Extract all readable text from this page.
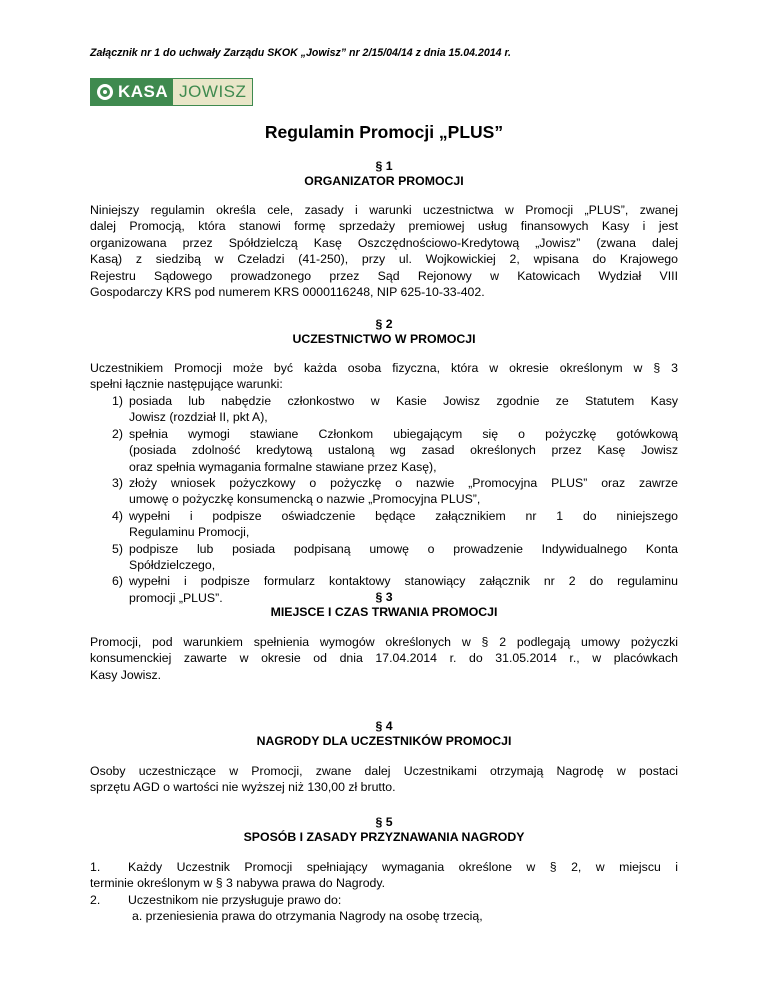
Załącznik nr 1 do uchwały Zarządu SKOK „Jowisz” nr 2/15/04/14 z dnia 15.04.2014 r.
KASA JOWISZ
Regulamin Promocji „PLUS”
§ 1
ORGANIZATOR PROMOCJI
Niniejszy regulamin określa cele, zasady i warunki uczestnictwa w Promocji „PLUS”, zwanej
dalej Promocją, która stanowi formę sprzedaży premiowej usług finansowych Kasy i jest
organizowana przez Spółdzielczą Kasę Oszczędnościowo-Kredytową „Jowisz” (zwana dalej
Kasą) z siedzibą w Czeladzi (41-250), przy ul. Wojkowickiej 2, wpisana do Krajowego
Rejestru Sądowego prowadzonego przez Sąd Rejonowy w Katowicach Wydział VIII
Gospodarczy KRS pod numerem KRS 0000116248, NIP 625-10-33-402.
§ 2
UCZESTNICTWO W PROMOCJI
Uczestnikiem Promocji może być każda osoba fizyczna, która w okresie określonym w § 3
spełni łącznie następujące warunki:
1) posiada lub nabędzie członkostwo w Kasie Jowisz zgodnie ze Statutem Kasy
Jowisz (rozdział II, pkt A),
2) spełnia wymogi stawiane Członkom ubiegającym się o pożyczkę gotówkową
(posiada zdolność kredytową ustaloną wg zasad określonych przez Kasę Jowisz
oraz spełnia wymagania formalne stawiane przez Kasę),
3) złoży wniosek pożyczkowy o pożyczkę o nazwie „Promocyjna PLUS” oraz zawrze
umowę o pożyczkę konsumencką o nazwie „Promocyjna PLUS”,
4) wypełni i podpisze oświadczenie będące załącznikiem nr 1 do niniejszego
Regulaminu Promocji,
5) podpisze lub posiada podpisaną umowę o prowadzenie Indywidualnego Konta
Spółdzielczego,
6) wypełni i podpisze formularz kontaktowy stanowiący załącznik nr 2 do regulaminu
promocji „PLUS”.	§ 3
MIEJSCE I CZAS TRWANIA PROMOCJI
Promocji, pod warunkiem spełnienia wymogów określonych w § 2 podlegają umowy pożyczki
konsumenckiej zawarte w okresie od dnia 17.04.2014 r. do 31.05.2014 r., w placówkach
Kasy Jowisz.
§ 4
NAGRODY DLA UCZESTNIKÓW PROMOCJI
Osoby uczestniczące w Promocji, zwane dalej Uczestnikami otrzymają Nagrodę w postaci
sprzętu AGD o wartości nie wyższej niż 130,00 zł brutto.
§ 5
SPOSÓB I ZASADY PRZYZNAWANIA NAGRODY
1. Każdy Uczestnik Promocji spełniający wymagania określone w § 2, w miejscu i
terminie określonym w § 3 nabywa prawa do Nagrody.
2. Uczestnikom nie przysługuje prawo do:
a. przeniesienia prawa do otrzymania Nagrody na osobę trzecią,
